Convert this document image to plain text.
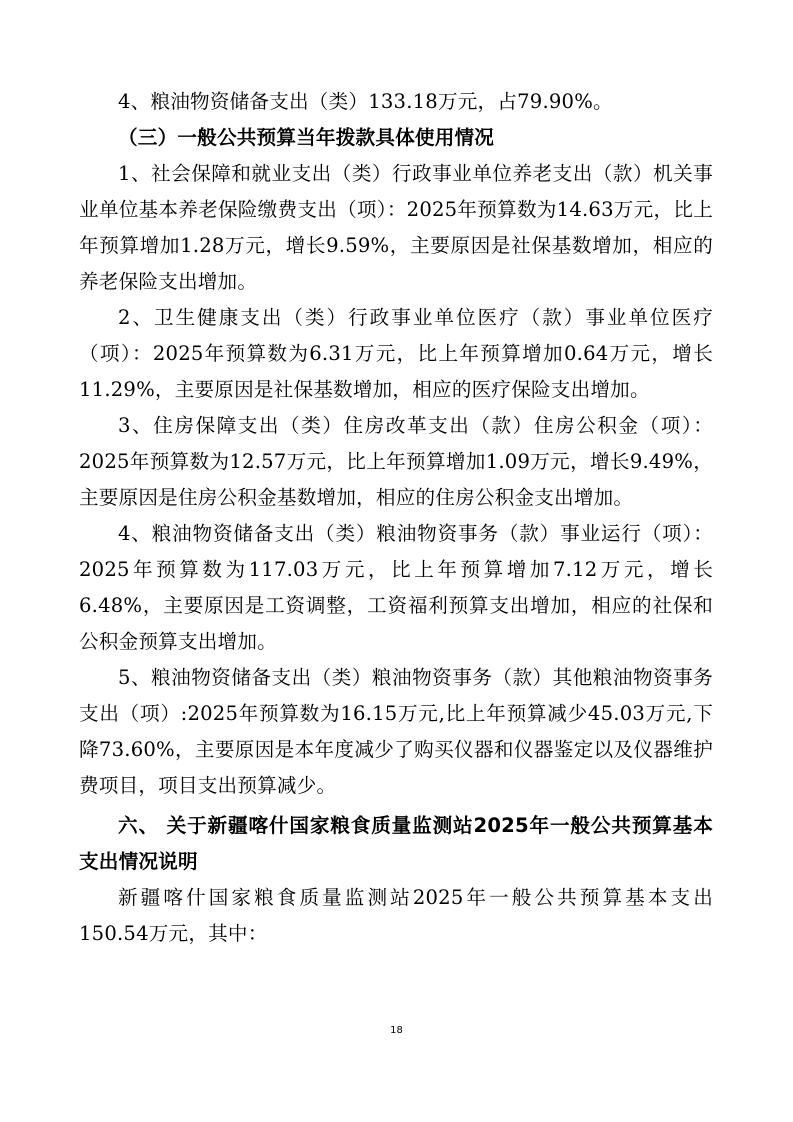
4、粮油物资储备支出（类）133.18万元，占79.90%。

（三）一般公共预算当年拨款具体使用情况

1、社会保障和就业支出（类）行政事业单位养老支出（款）机关事业单位基本养老保险缴费支出（项）：2025年预算数为14.63万元，比上年预算增加1.28万元，增长9.59%，主要原因是社保基数增加，相应的养老保险支出增加。

2、卫生健康支出（类）行政事业单位医疗（款）事业单位医疗（项）：2025年预算数为6.31万元，比上年预算增加0.64万元，增长11.29%，主要原因是社保基数增加，相应的医疗保险支出增加。

3、住房保障支出（类）住房改革支出（款）住房公积金（项）：2025年预算数为12.57万元，比上年预算增加1.09万元，增长9.49%，主要原因是住房公积金基数增加，相应的住房公积金支出增加。

4、粮油物资储备支出（类）粮油物资事务（款）事业运行（项）：2025年预算数为117.03万元，比上年预算增加7.12万元，增长6.48%，主要原因是工资调整，工资福利预算支出增加，相应的社保和公积金预算支出增加。

5、粮油物资储备支出（类）粮油物资事务（款）其他粮油物资事务支出（项）:2025年预算数为16.15万元,比上年预算减少45.03万元,下降73.60%，主要原因是本年度减少了购买仪器和仪器鉴定以及仪器维护费项目，项目支出预算减少。

六、 关于新疆喀什国家粮食质量监测站2025年一般公共预算基本支出情况说明

新疆喀什国家粮食质量监测站2025年一般公共预算基本支出150.54万元，其中：

18
